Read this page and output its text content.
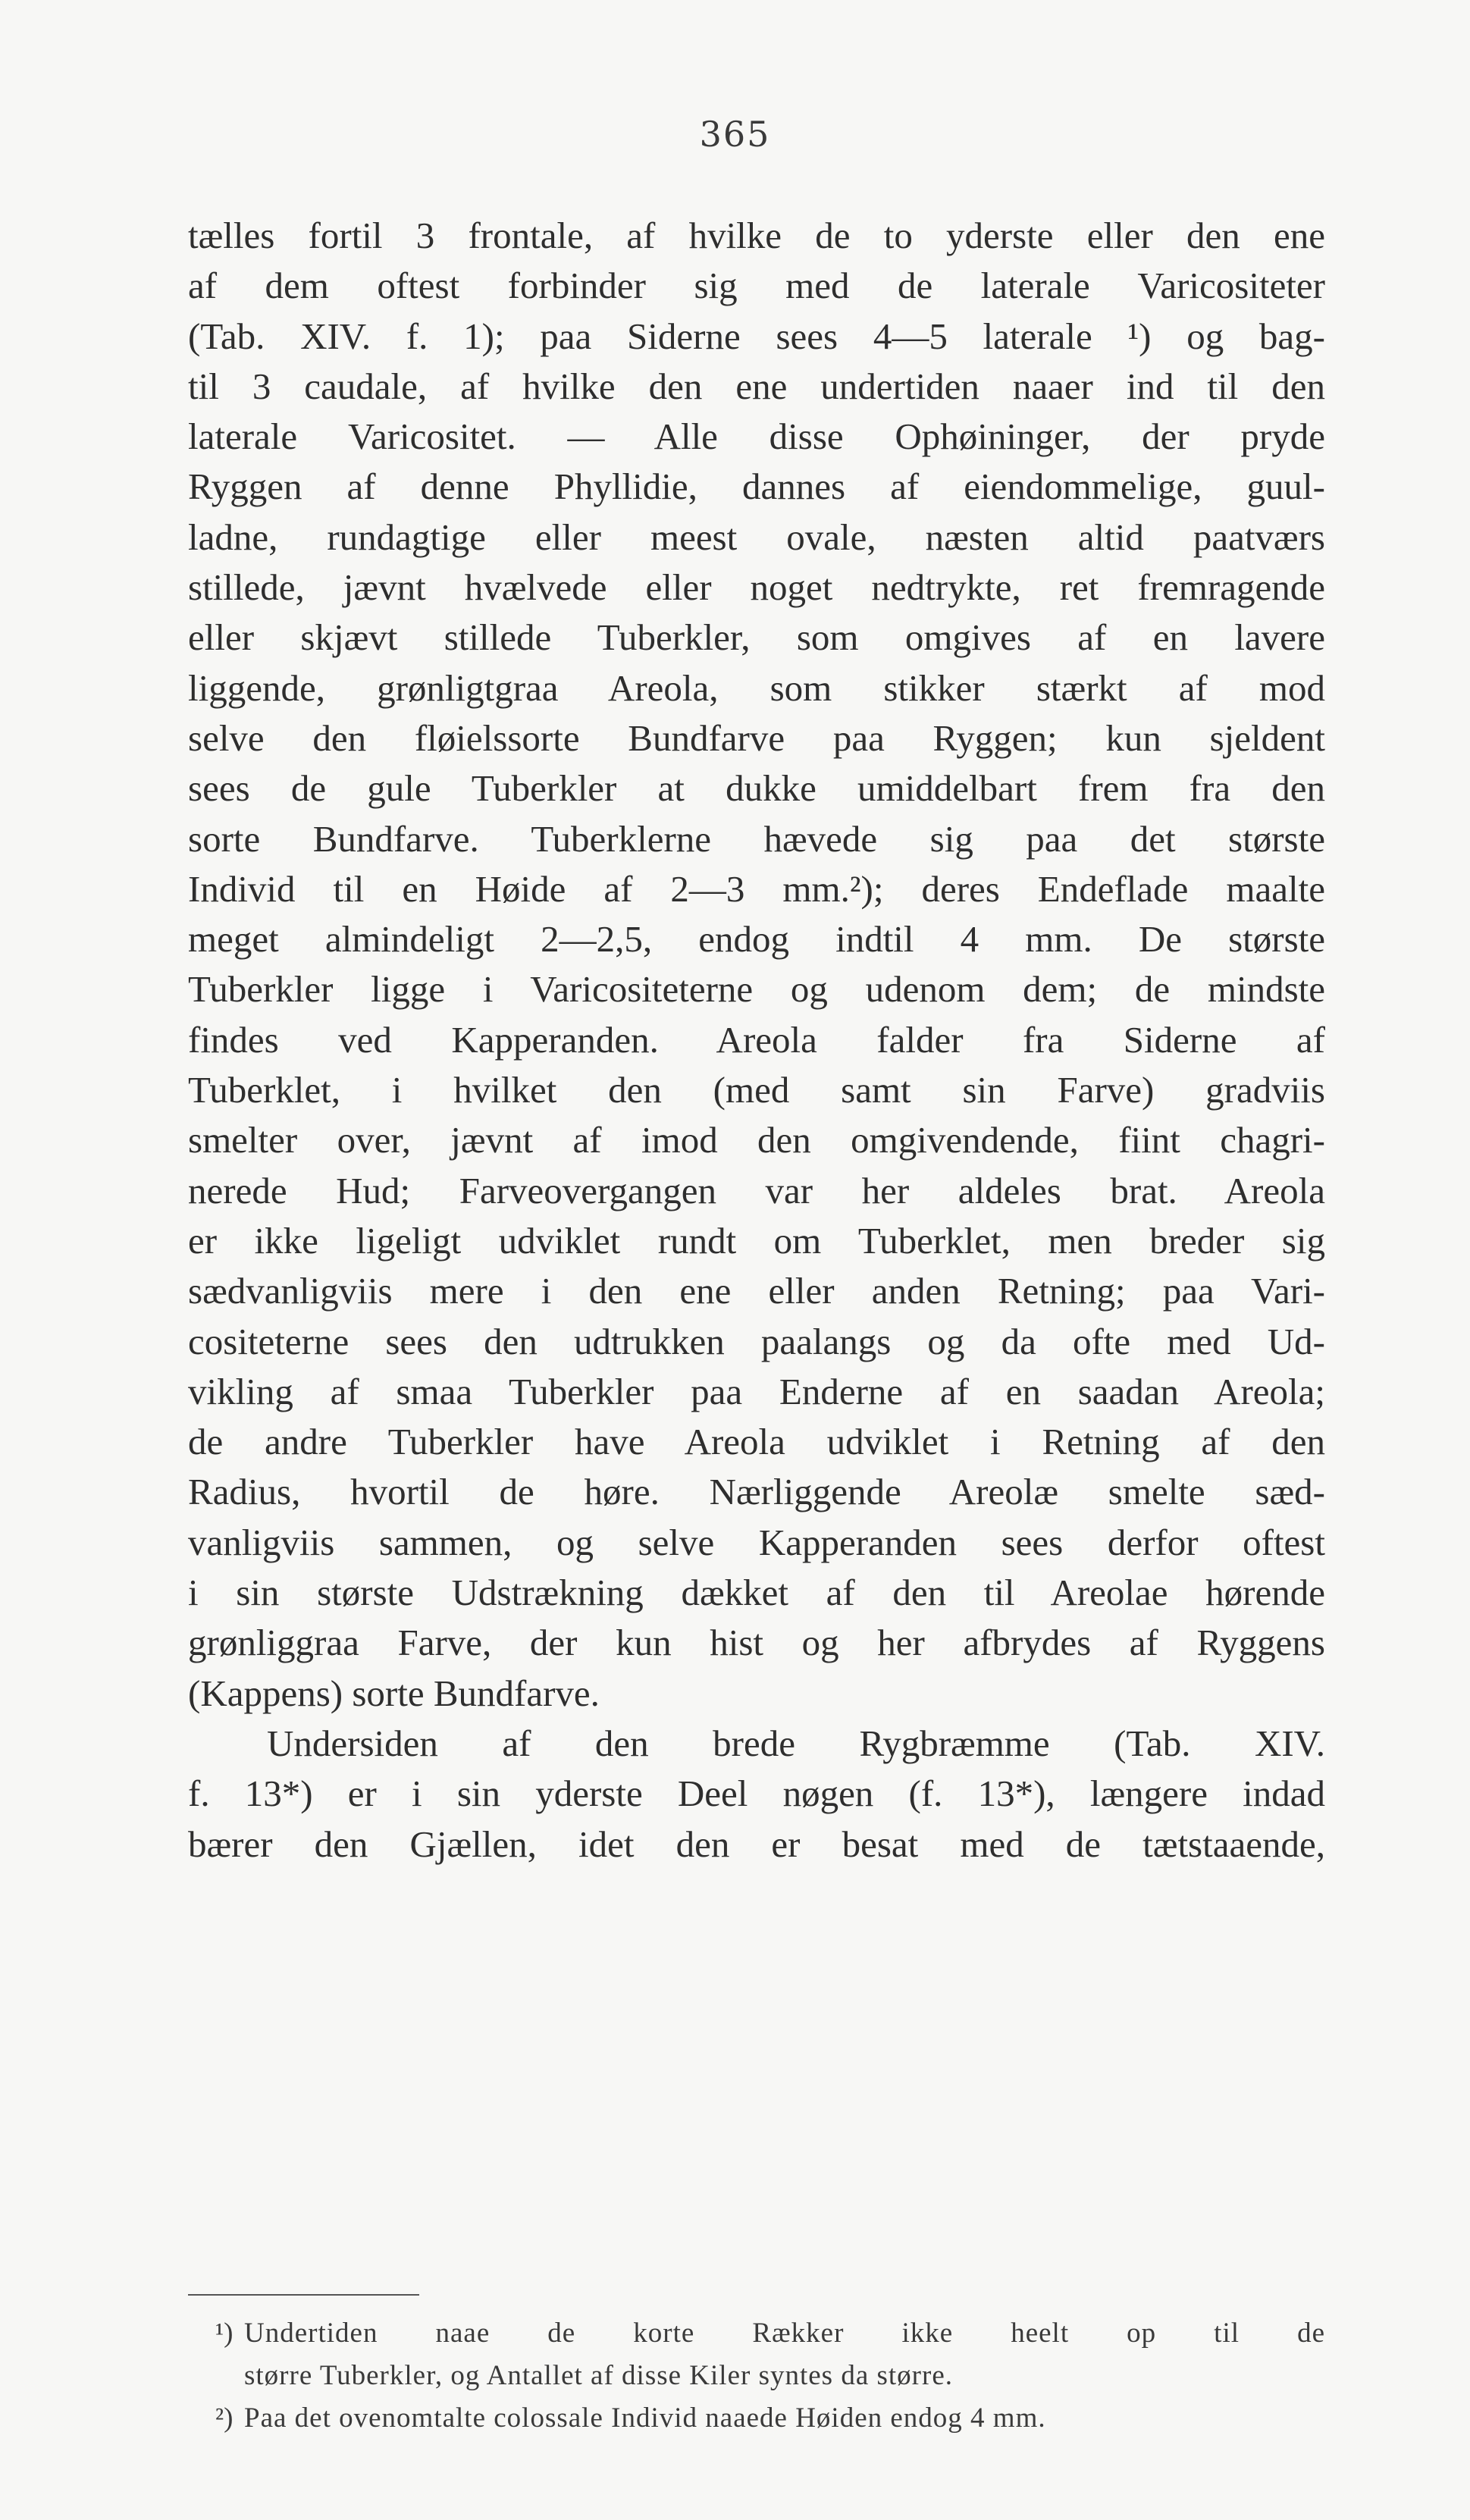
365
tælles fortil 3 frontale, af hvilke de to yderste eller den ene
af dem oftest forbinder sig med de laterale Varicositeter
(Tab. XIV. f. 1); paa Siderne sees 4—5 laterale ¹) og bag-
til 3 caudale, af hvilke den ene undertiden naaer ind til den
laterale Varicositet. — Alle disse Ophøininger, der pryde
Ryggen af denne Phyllidie, dannes af eiendommelige, guul-
ladne, rundagtige eller meest ovale, næsten altid paatværs
stillede, jævnt hvælvede eller noget nedtrykte, ret fremragende
eller skjævt stillede Tuberkler, som omgives af en lavere
liggende, grønligtgraa Areola, som stikker stærkt af mod
selve den fløielssorte Bundfarve paa Ryggen; kun sjeldent
sees de gule Tuberkler at dukke umiddelbart frem fra den
sorte Bundfarve. Tuberklerne hævede sig paa det største
Individ til en Høide af 2—3 mm.²); deres Endeflade maalte
meget almindeligt 2—2,5, endog indtil 4 mm. De største
Tuberkler ligge i Varicositeterne og udenom dem; de mindste
findes ved Kapperanden. Areola falder fra Siderne af
Tuberklet, i hvilket den (med samt sin Farve) gradviis
smelter over, jævnt af imod den omgivendende, fiint chagri-
nerede Hud; Farveovergangen var her aldeles brat. Areola
er ikke ligeligt udviklet rundt om Tuberklet, men breder sig
sædvanligviis mere i den ene eller anden Retning; paa Vari-
cositeterne sees den udtrukken paalangs og da ofte med Ud-
vikling af smaa Tuberkler paa Enderne af en saadan Areola;
de andre Tuberkler have Areola udviklet i Retning af den
Radius, hvortil de høre. Nærliggende Areolæ smelte sæd-
vanligviis sammen, og selve Kapperanden sees derfor oftest
i sin største Udstrækning dækket af den til Areolae hørende
grønliggraa Farve, der kun hist og her afbrydes af Ryggens
(Kappens) sorte Bundfarve.
Undersiden af den brede Rygbræmme (Tab. XIV.
f. 13*) er i sin yderste Deel nøgen (f. 13*), længere indad
bærer den Gjællen, idet den er besat med de tætstaaende,
¹) Undertiden naae de korte Rækker ikke heelt op til de
større Tuberkler, og Antallet af disse Kiler syntes da større.
²) Paa det ovenomtalte colossale Individ naaede Høiden endog 4 mm.
